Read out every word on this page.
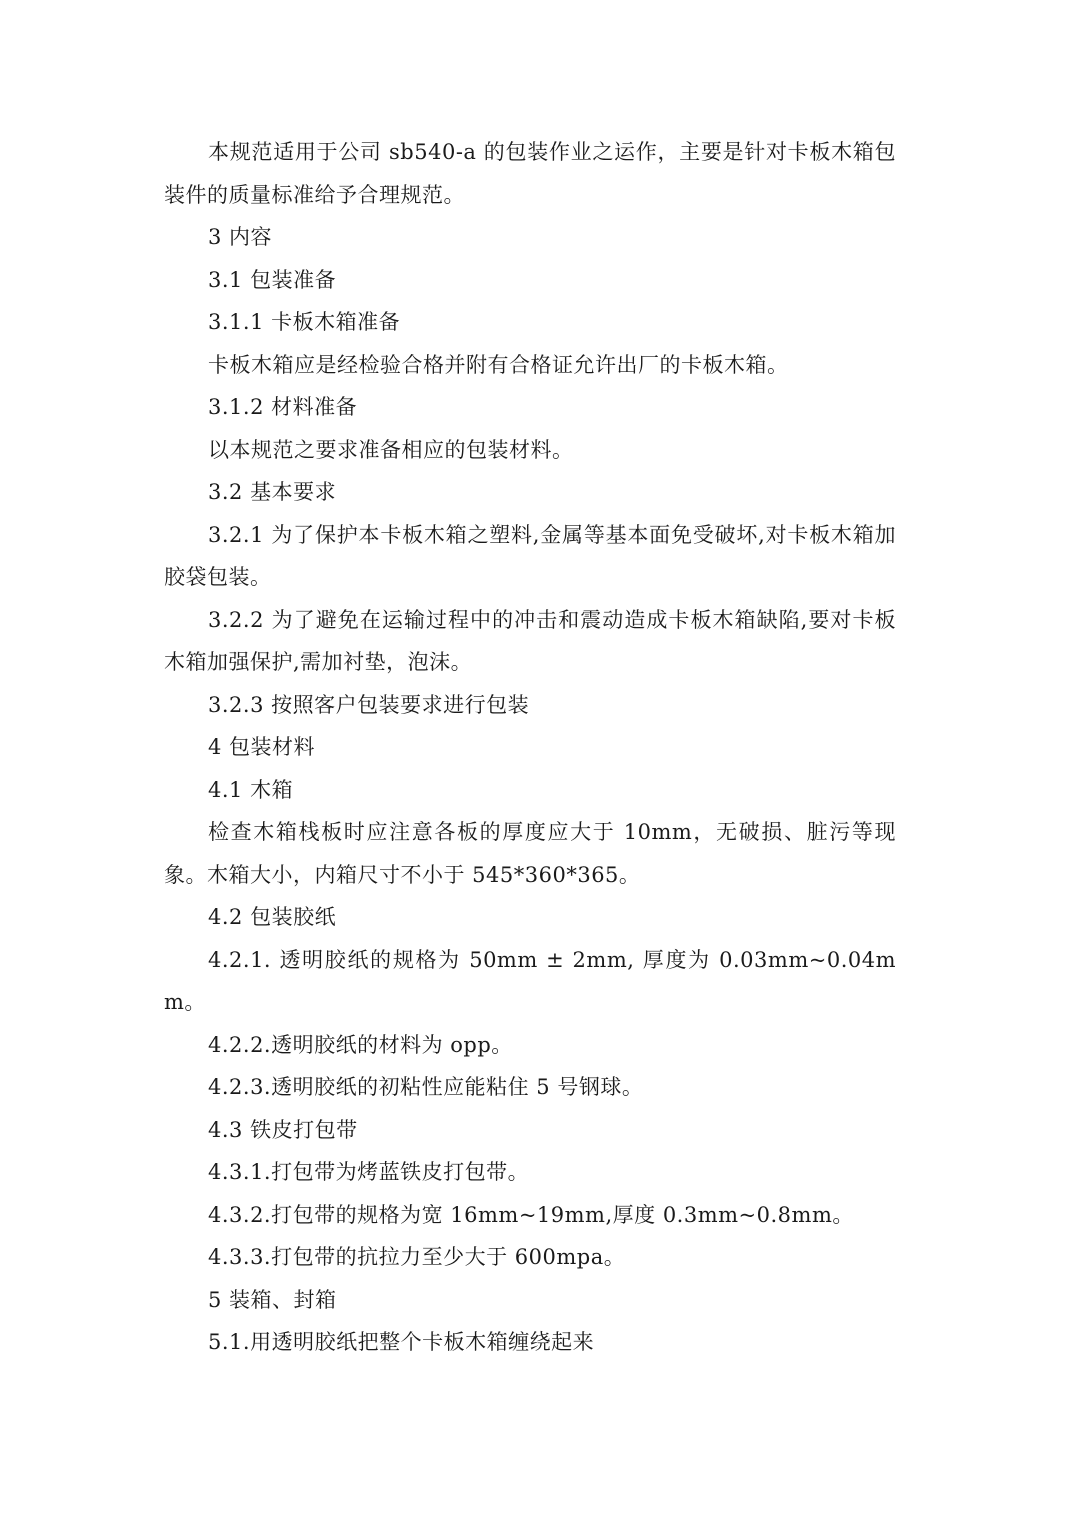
本规范适用于公司 sb540-a 的包装作业之运作，主要是针对卡板木箱包装件的质量标准给予合理规范。

3 内容

3.1 包装准备

3.1.1 卡板木箱准备

卡板木箱应是经检验合格并附有合格证允许出厂的卡板木箱。

3.1.2 材料准备

以本规范之要求准备相应的包装材料。

3.2 基本要求

3.2.1 为了保护本卡板木箱之塑料,金属等基本面免受破坏,对卡板木箱加胶袋包装。

3.2.2 为了避免在运输过程中的冲击和震动造成卡板木箱缺陷,要对卡板木箱加强保护,需加衬垫，泡沫。

3.2.3 按照客户包装要求进行包装

4 包装材料

4.1 木箱

检查木箱栈板时应注意各板的厚度应大于 10mm，无破损、脏污等现象。木箱大小，内箱尺寸不小于 545*360*365。

4.2 包装胶纸

4.2.1. 透明胶纸的规格为 50mm ± 2mm, 厚度为 0.03mm~0.04mm。

4.2.2.透明胶纸的材料为 opp。

4.2.3.透明胶纸的初粘性应能粘住 5 号钢球。

4.3 铁皮打包带

4.3.1.打包带为烤蓝铁皮打包带。

4.3.2.打包带的规格为宽 16mm~19mm,厚度 0.3mm~0.8mm。

4.3.3.打包带的抗拉力至少大于 600mpa。

5 装箱、封箱

5.1.用透明胶纸把整个卡板木箱缠绕起来
